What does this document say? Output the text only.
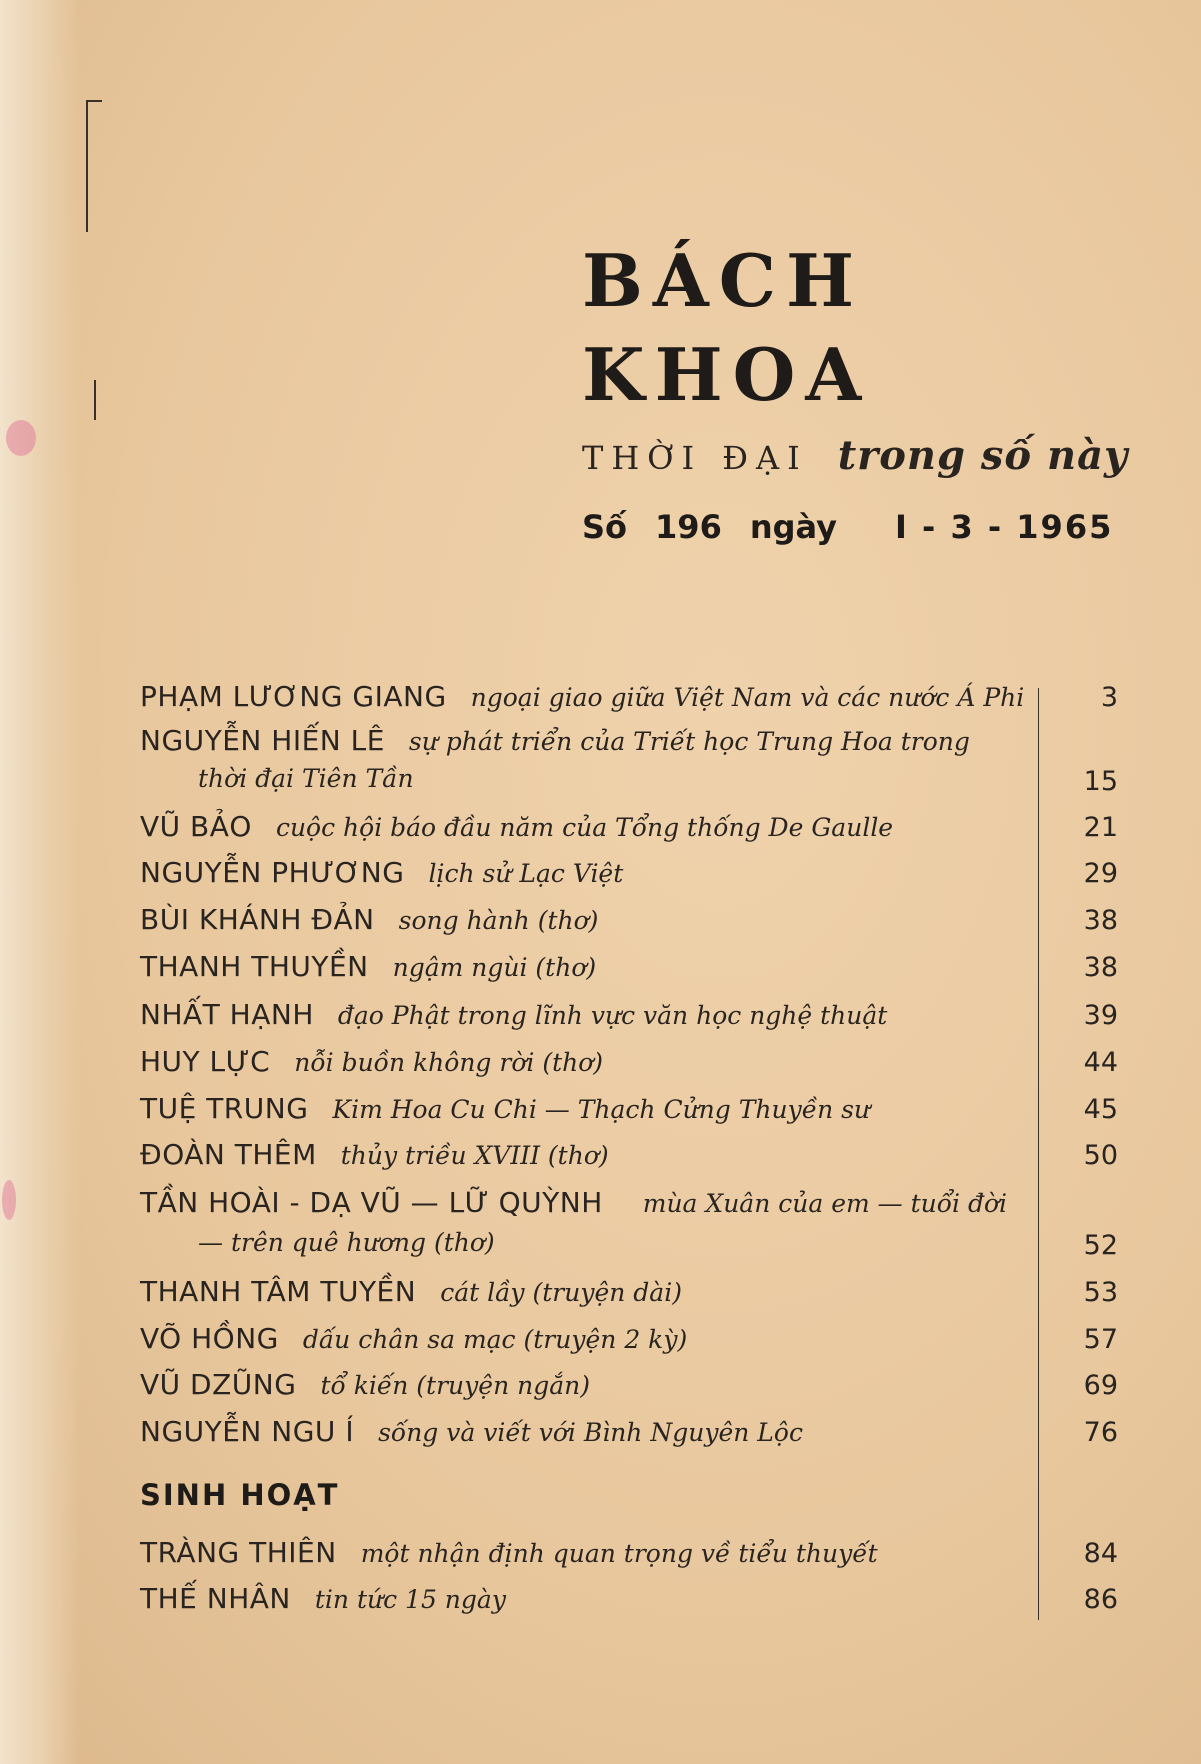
BÁCH
KHOA
THỜI ĐẠI trong số này
Số 196 ngày I - 3 - 1965
PHẠM LƯƠNG GIANG ngoại giao giữa Việt Nam và các nước Á Phi	3
NGUYỄN HIẾN LÊ sự phát triển của Triết học Trung Hoa trong
thời đại Tiên Tần	15
VŨ BẢO cuộc hội báo đầu năm của Tổng thống De Gaulle	21
NGUYỄN PHƯƠNG lịch sử Lạc Việt	29
BÙI KHÁNH ĐẢN song hành (thơ)	38
THANH THUYỀN ngậm ngùi (thơ)	38
NHẤT HẠNH đạo Phật trong lĩnh vực văn học nghệ thuật	39
HUY LỰC nỗi buồn không rời (thơ)	44
TUỆ TRUNG Kim Hoa Cu Chi — Thạch Cửng Thuyền sư	45
ĐOÀN THÊM thủy triều XVIII (thơ)	50
TẦN HOÀI - DẠ VŨ — LỮ QUỲNH mùa Xuân của em — tuổi đời
— trên quê hương (thơ)	52
THANH TÂM TUYỀN cát lầy (truyện dài)	53
VÕ HỒNG dấu chân sa mạc (truyện 2 kỳ)	57
VŨ DZŨNG tổ kiến (truyện ngắn)	69
NGUYỄN NGU Í sống và viết với Bình Nguyên Lộc	76
SINH HOẠT
TRÀNG THIÊN một nhận định quan trọng về tiểu thuyết	84
THẾ NHÂN tin tức 15 ngày	86
